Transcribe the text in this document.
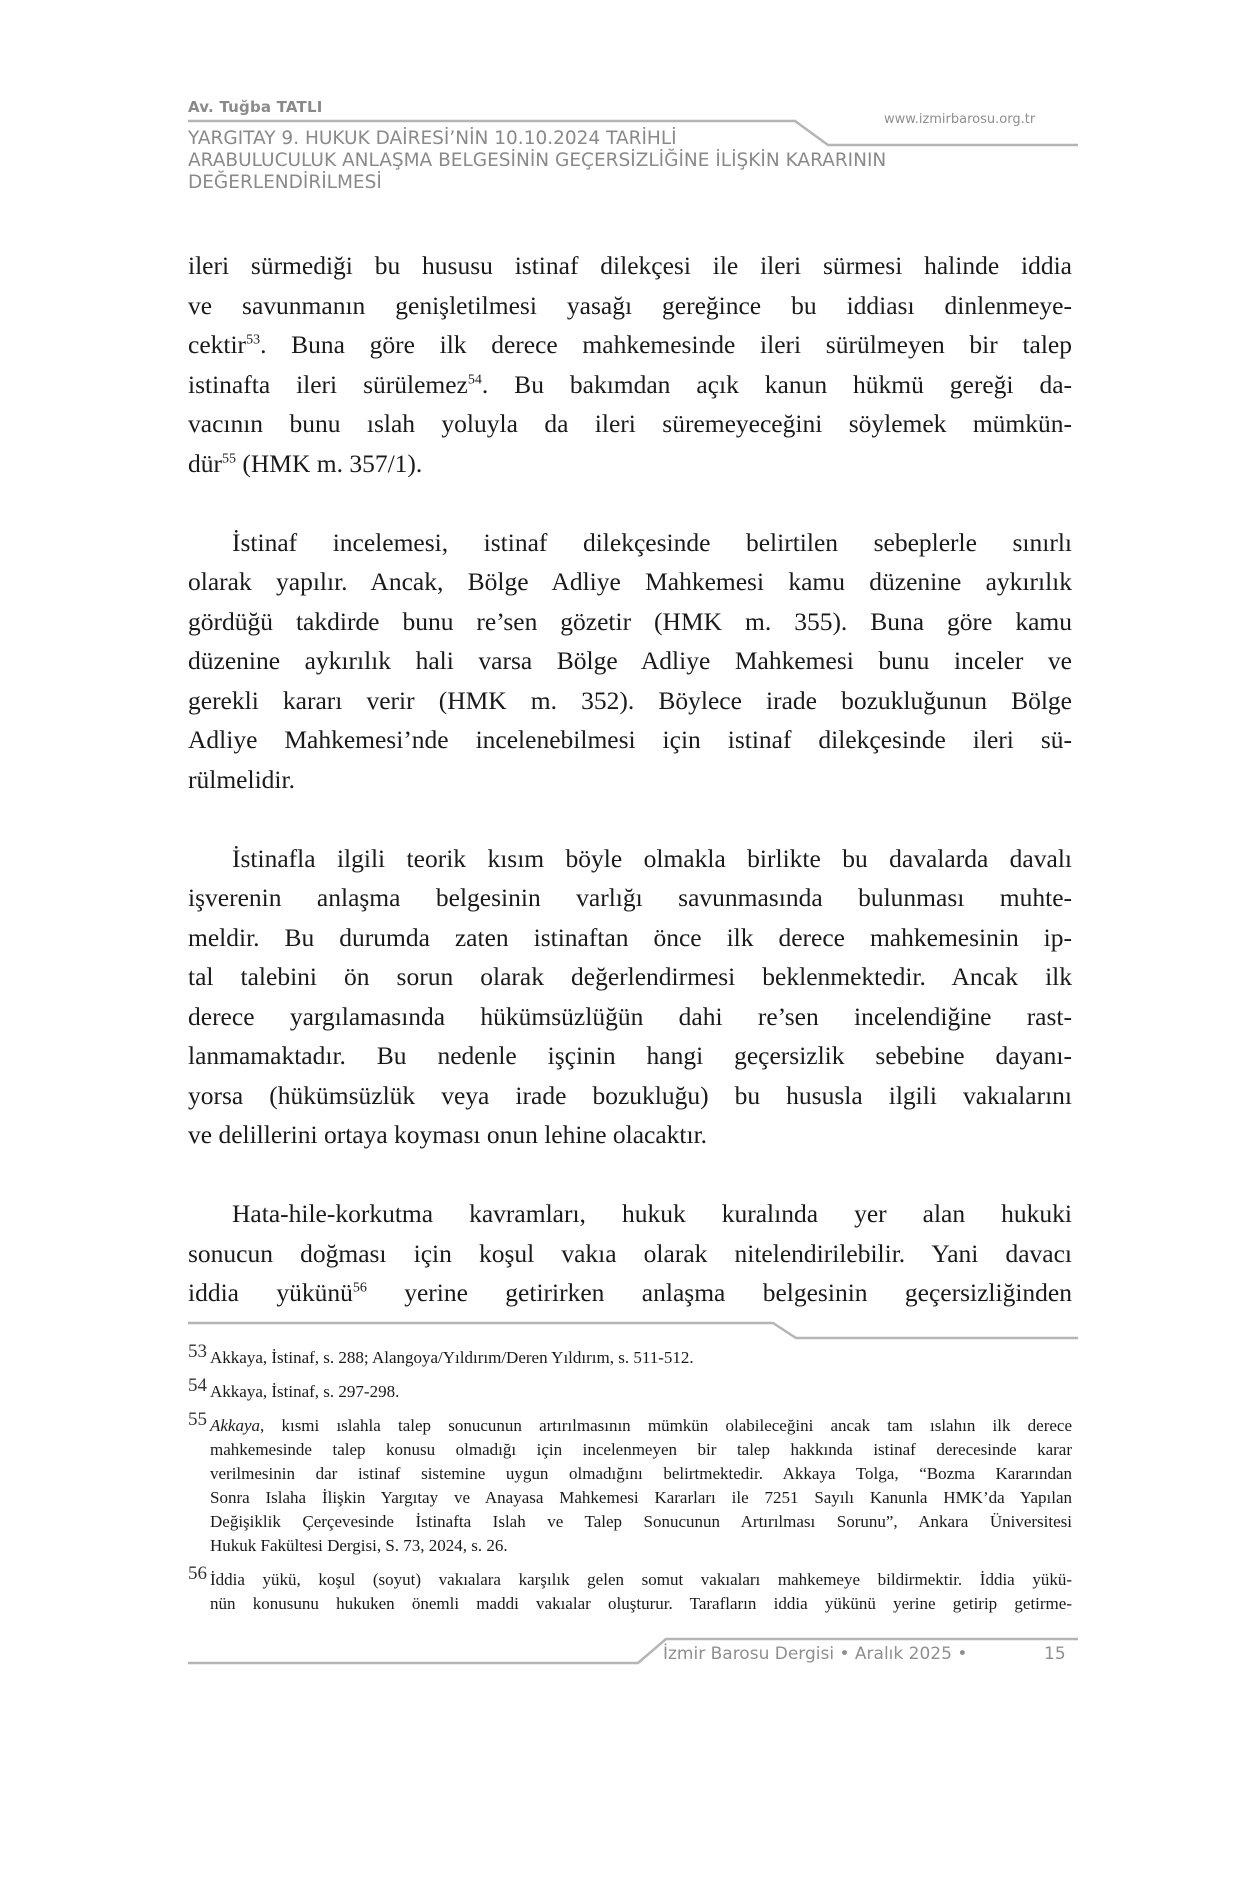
Av. Tuğba TATLI
www.izmirbarosu.org.tr
YARGITAY 9. HUKUK DAİRESİ’NİN 10.10.2024 TARİHLİ
ARABULUCULUK ANLAŞMA BELGESİNİN GEÇERSİZLİĞİNE İLİŞKİN KARARININ
DEĞERLENDİRİLMESİ

ileri sürmediği bu hususu istinaf dilekçesi ile ileri sürmesi halinde iddia
ve savunmanın genişletilmesi yasağı gereğince bu iddiası dinlenmeye-
cektir$^{53}$. Buna göre ilk derece mahkemesinde ileri sürülmeyen bir talep
istinafta ileri sürülemez$^{54}$. Bu bakımdan açık kanun hükmü gereği da-
vacının bunu ıslah yoluyla da ileri süremeyeceğini söylemek mümkün-
dür$^{55}$ (HMK m. 357/1).

İstinaf incelemesi, istinaf dilekçesinde belirtilen sebeplerle sınırlı
olarak yapılır. Ancak, Bölge Adliye Mahkemesi kamu düzenine aykırılık
gördüğü takdirde bunu re’sen gözetir (HMK m. 355). Buna göre kamu
düzenine aykırılık hali varsa Bölge Adliye Mahkemesi bunu inceler ve
gerekli kararı verir (HMK m. 352). Böylece irade bozukluğunun Bölge
Adliye Mahkemesi’nde incelenebilmesi için istinaf dilekçesinde ileri sü-
rülmelidir.

İstinafla ilgili teorik kısım böyle olmakla birlikte bu davalarda davalı
işverenin anlaşma belgesinin varlığı savunmasında bulunması muhte-
meldir. Bu durumda zaten istinaftan önce ilk derece mahkemesinin ip-
tal talebini ön sorun olarak değerlendirmesi beklenmektedir. Ancak ilk
derece yargılamasında hükümsüzlüğün dahi re’sen incelendiğine rast-
lanmamaktadır. Bu nedenle işçinin hangi geçersizlik sebebine dayanı-
yorsa (hükümsüzlük veya irade bozukluğu) bu hususla ilgili vakıalarını
ve delillerini ortaya koyması onun lehine olacaktır.

Hata-hile-korkutma kavramları, hukuk kuralında yer alan hukuki
sonucun doğması için koşul vakıa olarak nitelendirilebilir. Yani davacı
iddia yükünü$^{56}$ yerine getirirken anlaşma belgesinin geçersizliğinden

53 Akkaya, İstinaf, s. 288; Alangoya/Yıldırım/Deren Yıldırım, s. 511-512.
54 Akkaya, İstinaf, s. 297-298.
55 Akkaya, kısmi ıslahla talep sonucunun artırılmasının mümkün olabileceğini ancak tam ıslahın ilk derece
mahkemesinde talep konusu olmadığı için incelenmeyen bir talep hakkında istinaf derecesinde karar
verilmesinin dar istinaf sistemine uygun olmadığını belirtmektedir. Akkaya Tolga, “Bozma Kararından
Sonra Islaha İlişkin Yargıtay ve Anayasa Mahkemesi Kararları ile 7251 Sayılı Kanunla HMK’da Yapılan
Değişiklik Çerçevesinde İstinafta Islah ve Talep Sonucunun Artırılması Sorunu”, Ankara Üniversitesi
Hukuk Fakültesi Dergisi, S. 73, 2024, s. 26.
56 İddia yükü, koşul (soyut) vakıalara karşılık gelen somut vakıaları mahkemeye bildirmektir. İddia yükü-
nün konusunu hukuken önemli maddi vakıalar oluşturur. Tarafların iddia yükünü yerine getirip getirme-
İzmir Barosu Dergisi • Aralık 2025 •	15
